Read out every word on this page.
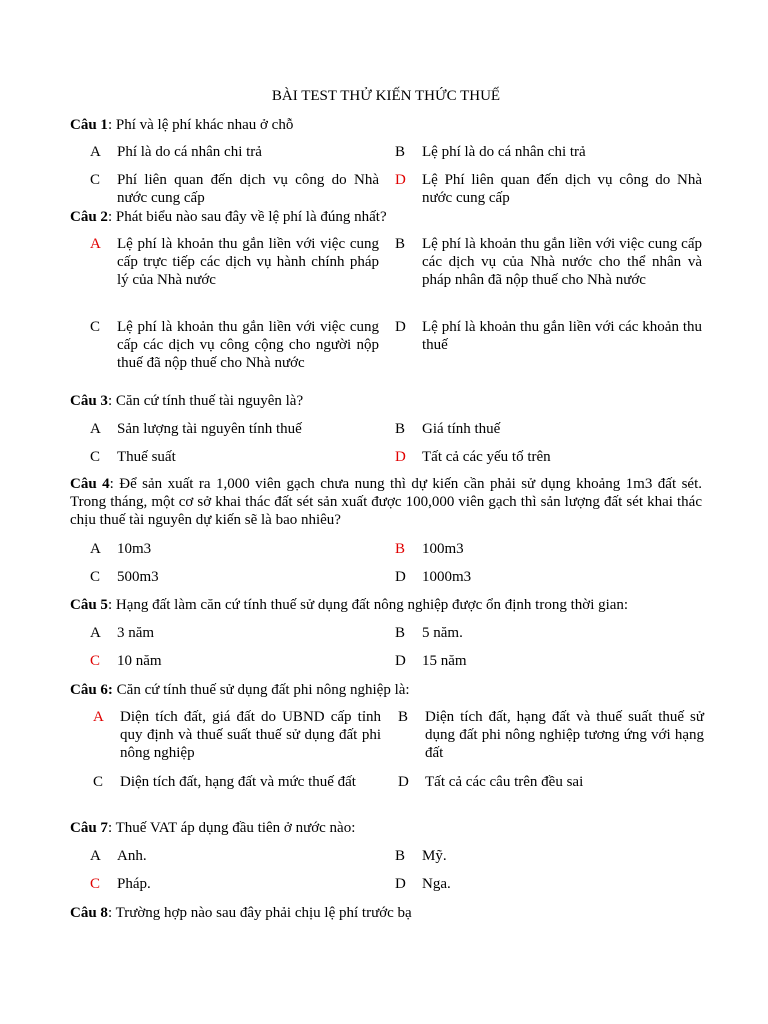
BÀI TEST THỬ KIẾN THỨC THUẾ
Câu 1: Phí và lệ phí khác nhau ở chỗ
A Phí là do cá nhân chi trả	B Lệ phí là do cá nhân chi trả
C Phí liên quan đến dịch vụ công do Nhà nước cung cấp
D Lệ Phí liên quan đến dịch vụ công do Nhà nước cung cấp
Câu 2: Phát biểu nào sau đây về lệ phí là đúng nhất?
A Lệ phí là khoản thu gắn liền với việc cung cấp trực tiếp các dịch vụ hành chính pháp lý của Nhà nước
B Lệ phí là khoản thu gắn liền với việc cung cấp các dịch vụ của Nhà nước cho thể nhân và pháp nhân đã nộp thuế cho Nhà nước
C Lệ phí là khoản thu gắn liền với việc cung cấp các dịch vụ công cộng cho người nộp thuế đã nộp thuế cho Nhà nước
D Lệ phí là khoản thu gắn liền với các khoản thu thuế
Câu 3: Căn cứ tính thuế tài nguyên là?
A Sản lượng tài nguyên tính thuế	B Giá tính thuế
C Thuế suất	D Tất cả các yếu tố trên
Câu 4: Để sản xuất ra 1,000 viên gạch chưa nung thì dự kiến cần phải sử dụng khoảng 1m3 đất sét. Trong tháng, một cơ sở khai thác đất sét sản xuất được 100,000 viên gạch thì sản lượng đất sét khai thác chịu thuế tài nguyên dự kiến sẽ là bao nhiêu?
A 10m3	B 100m3
C 500m3	D 1000m3
Câu 5: Hạng đất làm căn cứ tính thuế sử dụng đất nông nghiệp được ổn định trong thời gian:
A 3 năm	B 5 năm.
C 10 năm	D 15 năm
Câu 6: Căn cứ tính thuế sử dụng đất phi nông nghiệp là:
A Diện tích đất, giá đất do UBND cấp tỉnh quy định và thuế suất thuế sử dụng đất phi nông nghiệp
B Diện tích đất, hạng đất và thuế suất thuế sử dụng đất phi nông nghiệp tương ứng với hạng đất
C Diện tích đất, hạng đất và mức thuế đất	D Tất cả các câu trên đều sai
Câu 7: Thuế VAT áp dụng đầu tiên ở nước nào:
A Anh.	B Mỹ.
C Pháp.	D Nga.
Câu 8: Trường hợp nào sau đây phải chịu lệ phí trước bạ
